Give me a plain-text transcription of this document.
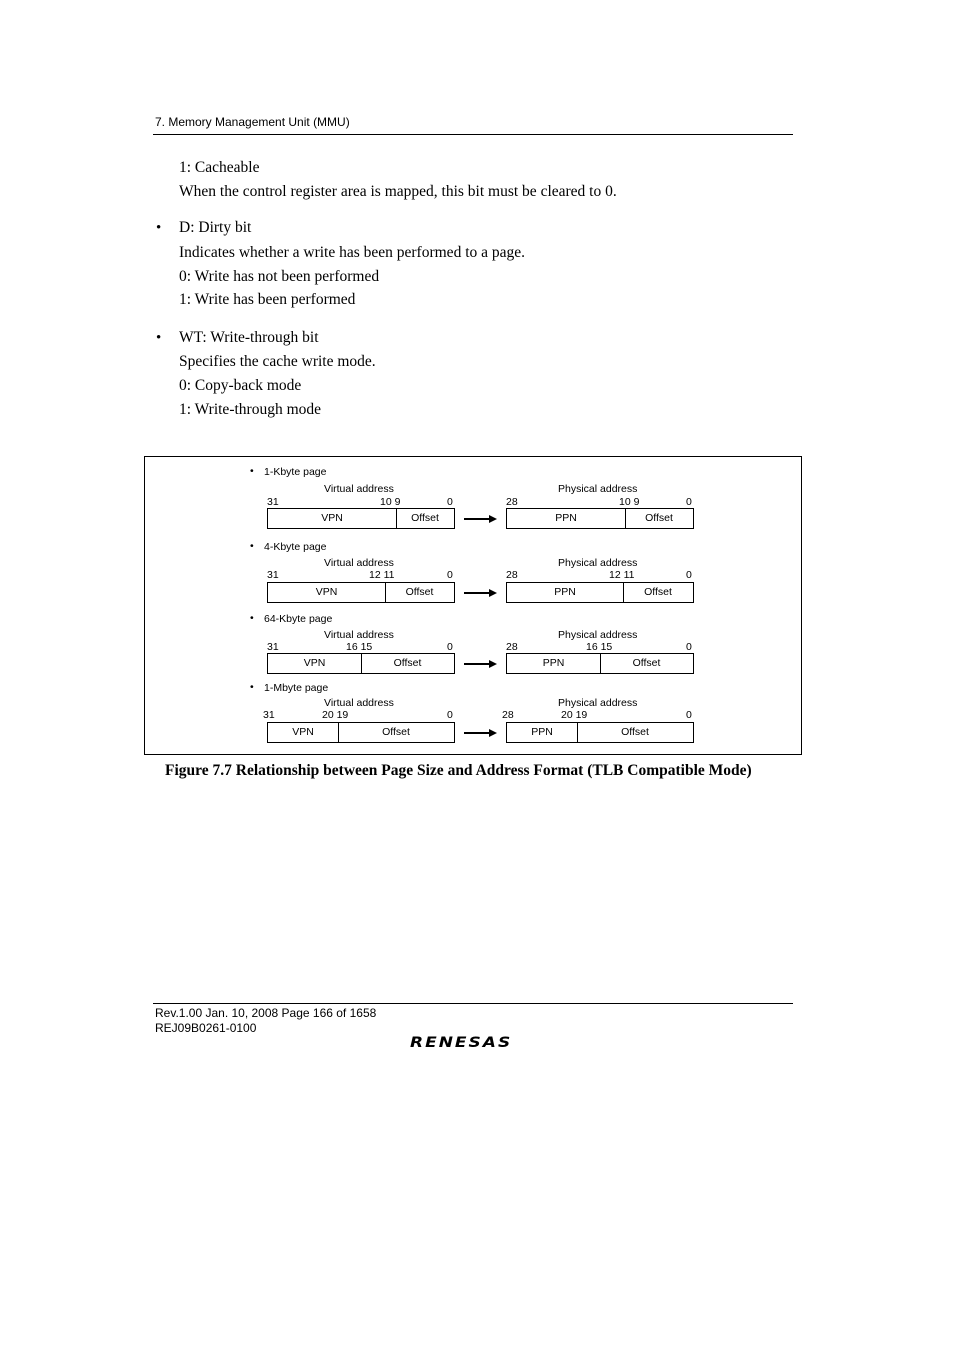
7. Memory Management Unit (MMU)
1: Cacheable
When the control register area is mapped, this bit must be cleared to 0.
• D: Dirty bit
Indicates whether a write has been performed to a page.
0: Write has not been performed
1: Write has been performed
• WT: Write-through bit
Specifies the cache write mode.
0: Copy-back mode
1: Write-through mode
• 1-Kbyte page
Virtual address	Physical address
31	10 9	0	28	10 9	0
VPN	Offset	PPN	Offset
• 4-Kbyte page
Virtual address	Physical address
31	12 11	0	28	12 11	0
VPN	Offset	PPN	Offset
• 64-Kbyte page
Virtual address	Physical address
31	16 15	0	28	16 15	0
VPN	Offset	PPN	Offset
• 1-Mbyte page
Virtual address	Physical address
31	20 19	0	28	20 19	0
VPN	Offset	PPN	Offset
Figure 7.7 Relationship between Page Size and Address Format (TLB Compatible Mode)
Rev.1.00 Jan. 10, 2008 Page 166 of 1658
REJ09B0261-0100
RENESAS
